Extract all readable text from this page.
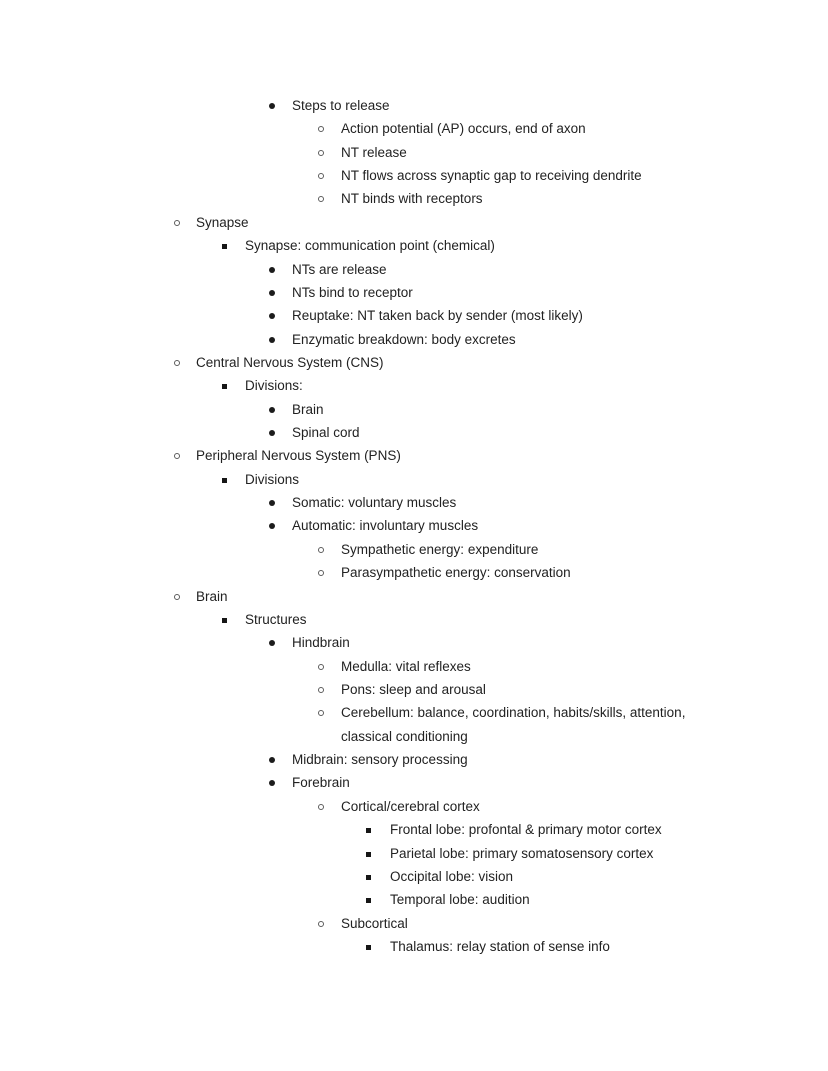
Steps to release
Action potential (AP) occurs, end of axon
NT release
NT flows across synaptic gap to receiving dendrite
NT binds with receptors
Synapse
Synapse: communication point (chemical)
NTs are release
NTs bind to receptor
Reuptake: NT taken back by sender (most likely)
Enzymatic breakdown: body excretes
Central Nervous System (CNS)
Divisions:
Brain
Spinal cord
Peripheral Nervous System (PNS)
Divisions
Somatic: voluntary muscles
Automatic: involuntary muscles
Sympathetic energy: expenditure
Parasympathetic energy: conservation
Brain
Structures
Hindbrain
Medulla: vital reflexes
Pons: sleep and arousal
Cerebellum: balance, coordination, habits/skills, attention, classical conditioning
Midbrain: sensory processing
Forebrain
Cortical/cerebral cortex
Frontal lobe: profontal & primary motor cortex
Parietal lobe: primary somatosensory cortex
Occipital lobe: vision
Temporal lobe: audition
Subcortical
Thalamus: relay station of sense info
